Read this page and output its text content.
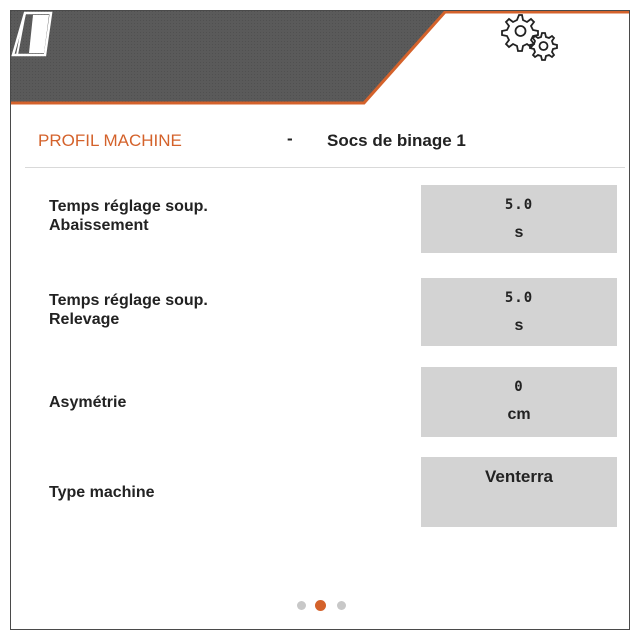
PROFIL MACHINE	- Socs de binage 1
Temps réglage soup.
Abaissement
5.0
s
Temps réglage soup.
Relevage
5.0
s
Asymétrie
0
cm
Type machine
Venterra
